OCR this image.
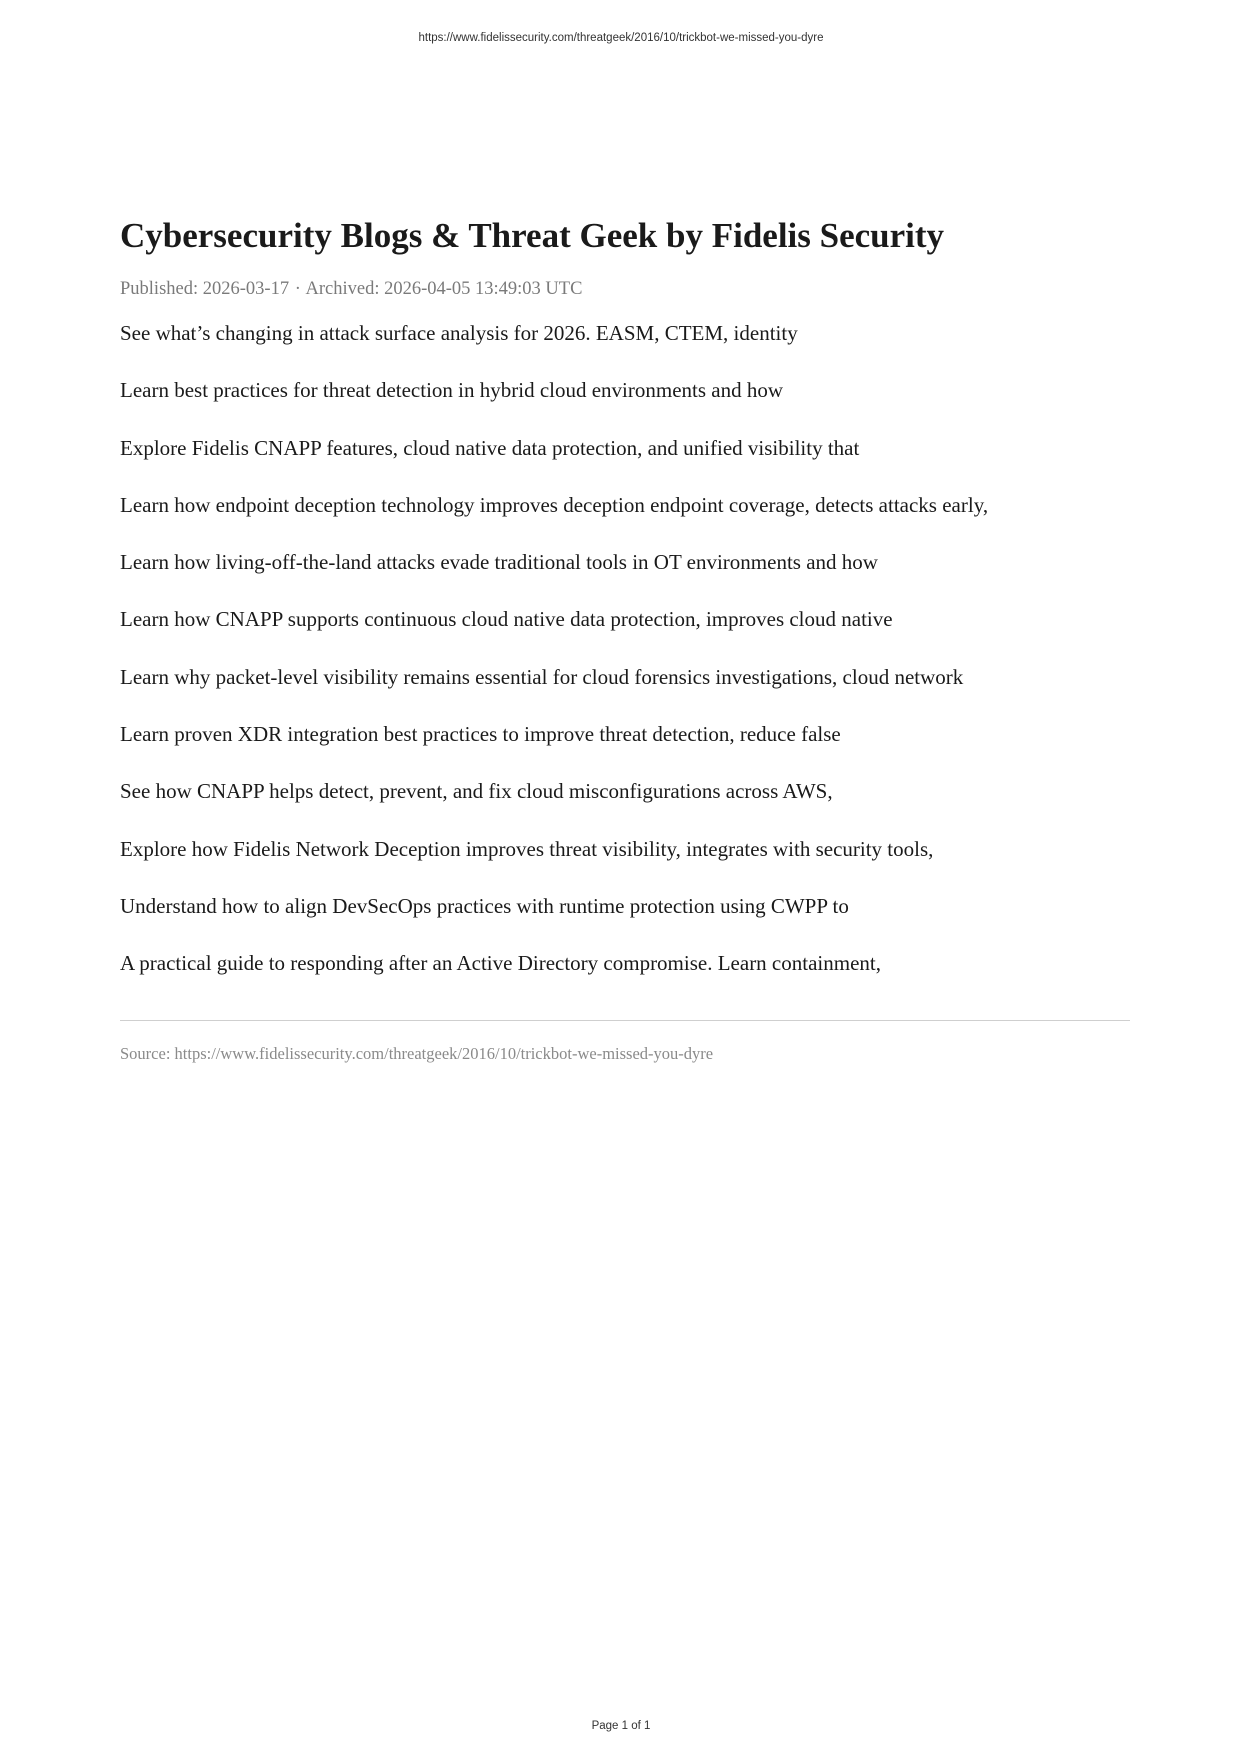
https://www.fidelissecurity.com/threatgeek/2016/10/trickbot-we-missed-you-dyre
Cybersecurity Blogs & Threat Geek by Fidelis Security
Published: 2026-03-17 · Archived: 2026-04-05 13:49:03 UTC
See what’s changing in attack surface analysis for 2026. EASM, CTEM, identity
Learn best practices for threat detection in hybrid cloud environments and how
Explore Fidelis CNAPP features, cloud native data protection, and unified visibility that
Learn how endpoint deception technology improves deception endpoint coverage, detects attacks early,
Learn how living-off-the-land attacks evade traditional tools in OT environments and how
Learn how CNAPP supports continuous cloud native data protection, improves cloud native
Learn why packet-level visibility remains essential for cloud forensics investigations, cloud network
Learn proven XDR integration best practices to improve threat detection, reduce false
See how CNAPP helps detect, prevent, and fix cloud misconfigurations across AWS,
Explore how Fidelis Network Deception improves threat visibility, integrates with security tools,
Understand how to align DevSecOps practices with runtime protection using CWPP to
A practical guide to responding after an Active Directory compromise. Learn containment,
Source: https://www.fidelissecurity.com/threatgeek/2016/10/trickbot-we-missed-you-dyre
Page 1 of 1
